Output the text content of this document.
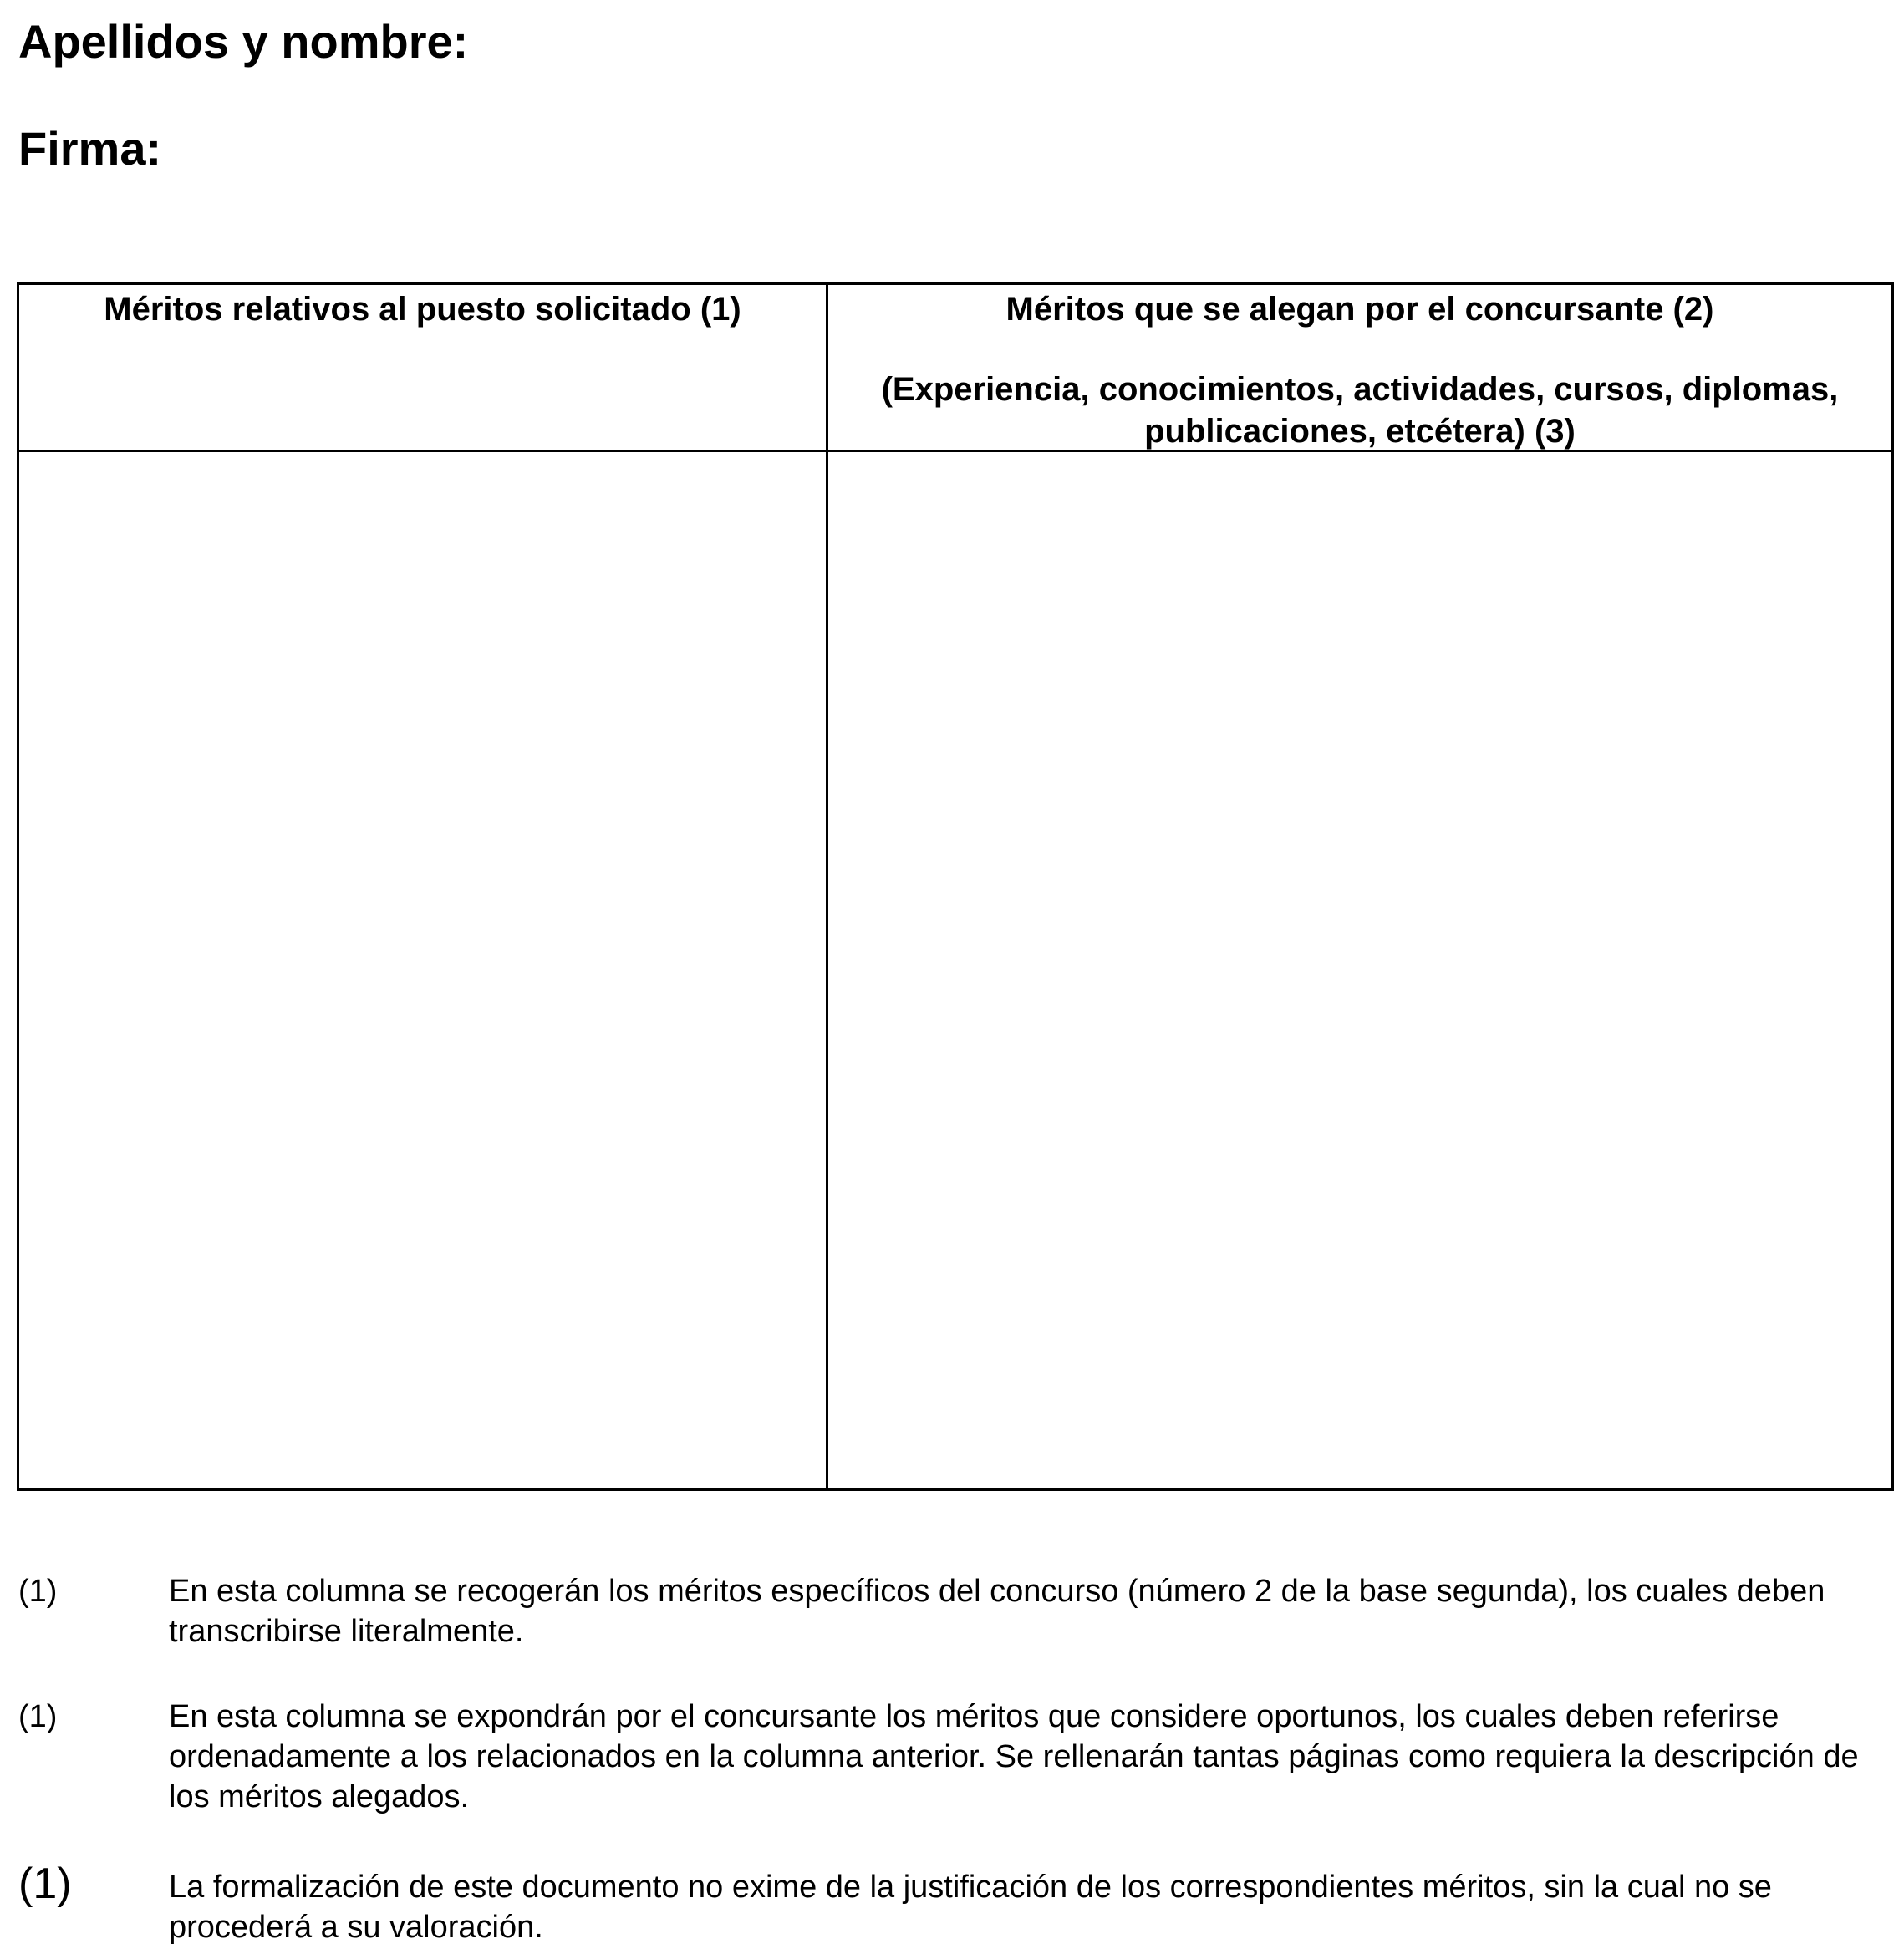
Apellidos y nombre:
Firma:
Méritos relativos al puesto solicitado (1)	Méritos que se alegan por el concursante (2)
(Experiencia, conocimientos, actividades, cursos, diplomas, publicaciones, etcétera) (3)
(1)	En esta columna se recogerán los méritos específicos del concurso (número 2 de la base segunda), los cuales deben transcribirse literalmente.
(1)	En esta columna se expondrán por el concursante los méritos que considere oportunos, los cuales deben referirse ordenadamente a los relacionados en la columna anterior. Se rellenarán tantas páginas como requiera la descripción de los méritos alegados.
(1)	La formalización de este documento no exime de la justificación de los correspondientes méritos, sin la cual no se procederá a su valoración.
